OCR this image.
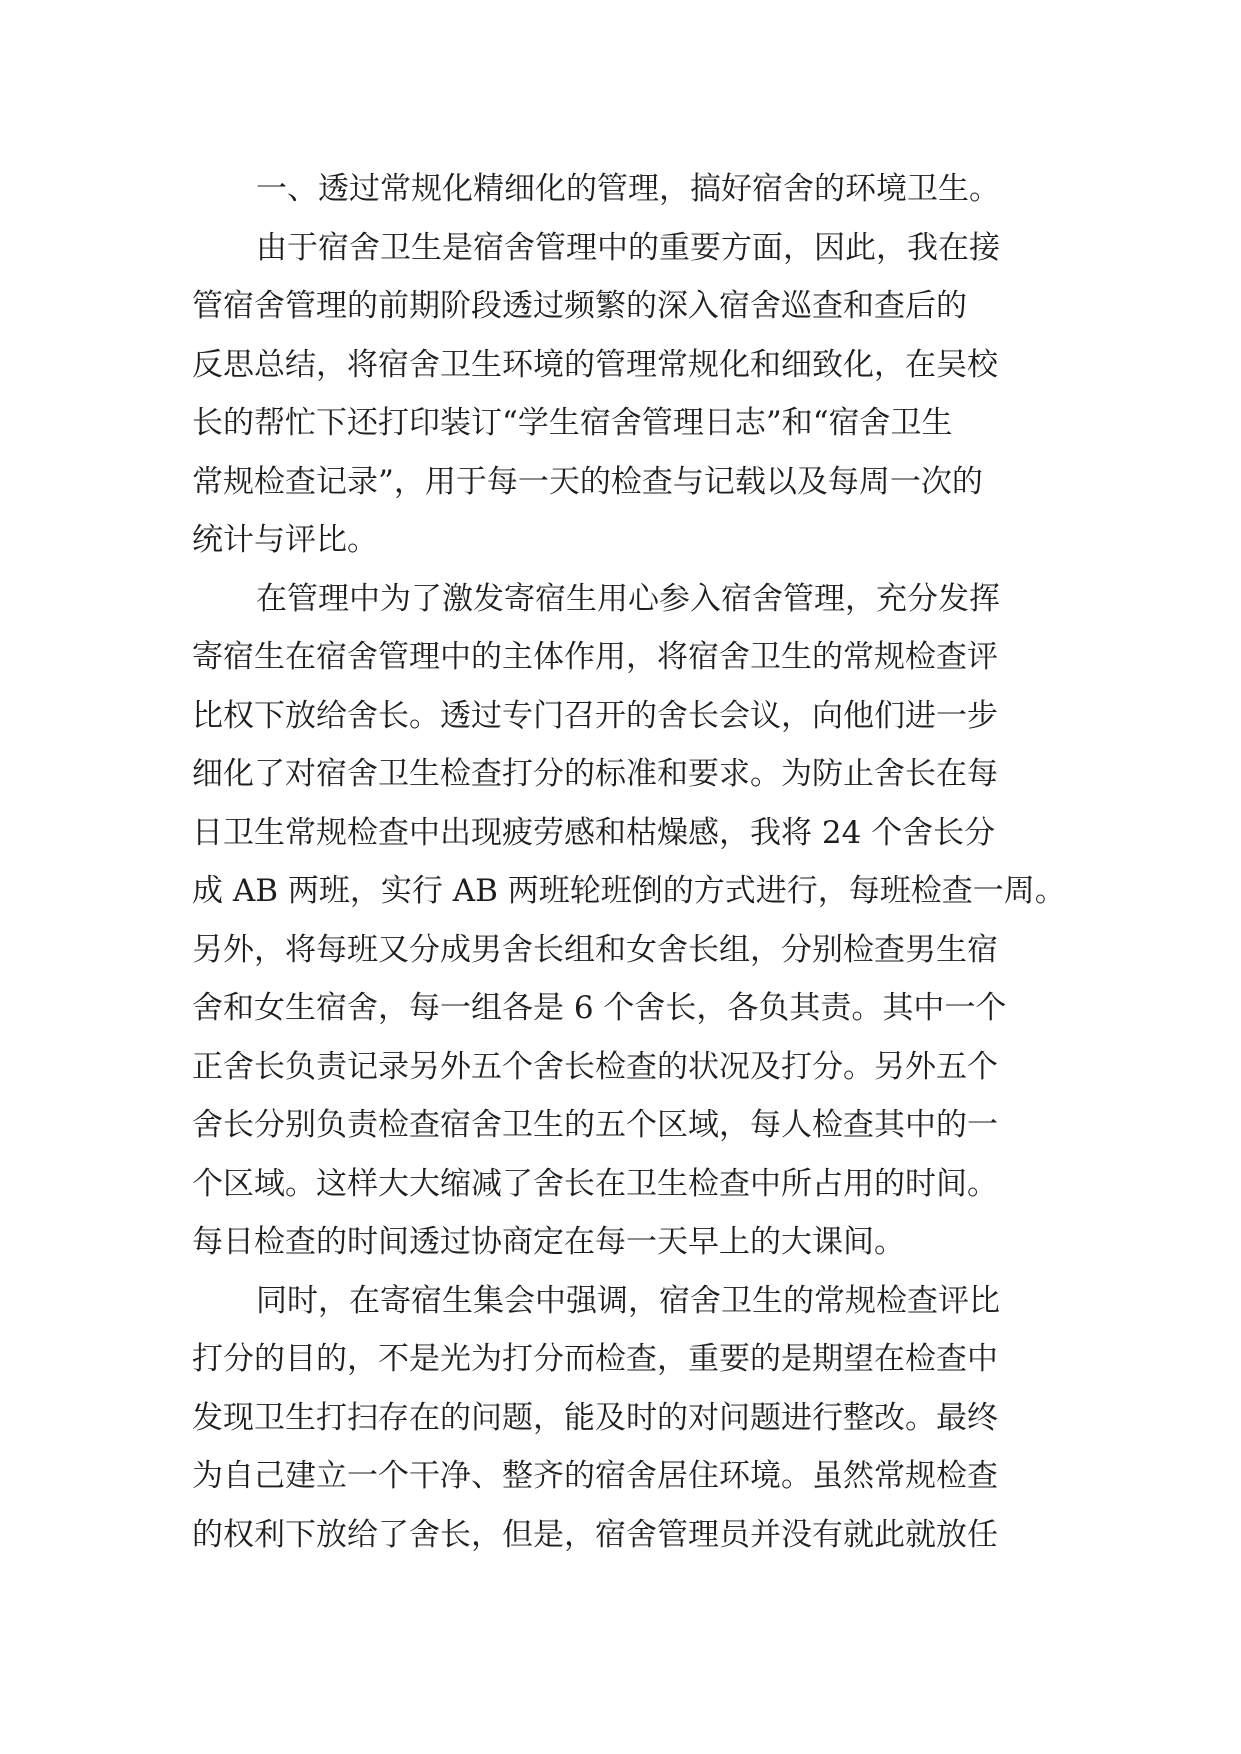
一、透过常规化精细化的管理，搞好宿舍的环境卫生。
由于宿舍卫生是宿舍管理中的重要方面，因此，我在接
管宿舍管理的前期阶段透过频繁的深入宿舍巡查和查后的
反思总结，将宿舍卫生环境的管理常规化和细致化，在吴校
长的帮忙下还打印装订“学生宿舍管理日志”和“宿舍卫生
常规检查记录”，用于每一天的检查与记载以及每周一次的
统计与评比。
在管理中为了激发寄宿生用心参入宿舍管理，充分发挥
寄宿生在宿舍管理中的主体作用，将宿舍卫生的常规检查评
比权下放给舍长。透过专门召开的舍长会议，向他们进一步
细化了对宿舍卫生检查打分的标准和要求。为防止舍长在每
日卫生常规检查中出现疲劳感和枯燥感，我将 24 个舍长分
成 AB 两班，实行 AB 两班轮班倒的方式进行，每班检查一周。
另外，将每班又分成男舍长组和女舍长组，分别检查男生宿
舍和女生宿舍，每一组各是 6 个舍长，各负其责。其中一个
正舍长负责记录另外五个舍长检查的状况及打分。另外五个
舍长分别负责检查宿舍卫生的五个区域，每人检查其中的一
个区域。这样大大缩减了舍长在卫生检查中所占用的时间。
每日检查的时间透过协商定在每一天早上的大课间。
同时，在寄宿生集会中强调，宿舍卫生的常规检查评比
打分的目的，不是光为打分而检查，重要的是期望在检查中
发现卫生打扫存在的问题，能及时的对问题进行整改。最终
为自己建立一个干净、整齐的宿舍居住环境。虽然常规检查
的权利下放给了舍长，但是，宿舍管理员并没有就此就放任
